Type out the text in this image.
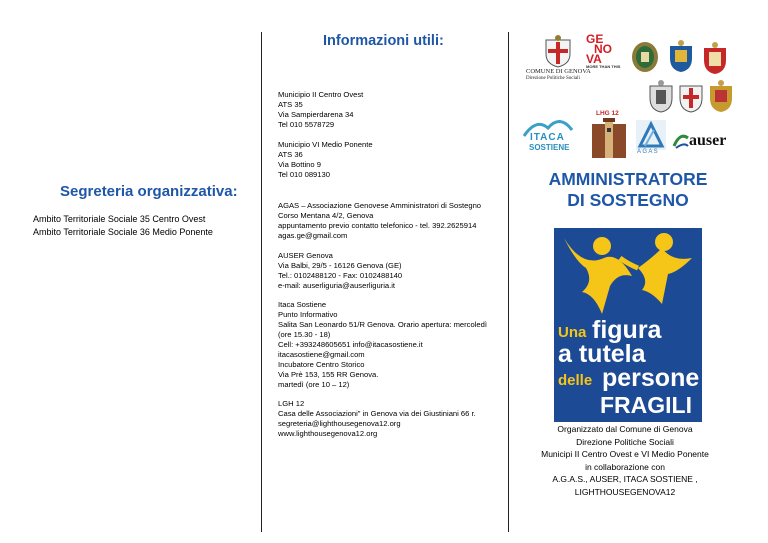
Segreteria organizzativa:
Ambito Territoriale Sociale 35 Centro Ovest
Ambito Territoriale Sociale 36 Medio Ponente
Informazioni utili:
Municipio II Centro Ovest
ATS 35
Via Sampierdarena 34
Tel 010 5578729
Municipio VI Medio Ponente
ATS 36
Via Bottino 9
Tel 010 089130
AGAS – Associazione Genovese Amministratori di Sostegno
Corso Mentana 4/2, Genova
appuntamento previo contatto telefonico - tel. 392.2625914
agas.ge@gmail.com
AUSER Genova
Via Balbi, 29/5 - 16126 Genova (GE)
Tel.: 0102488120 - Fax: 0102488140
e-mail: auserliguria@auserliguria.it
Itaca Sostiene
Punto Informativo
Salita San Leonardo 51/R Genova. Orario apertura: mercoledì
(ore 15.30 - 18)
Cell: +393248605651 info@itacasostiene.it
itacasostiene@gmail.com
Incubatore Centro Storico
Via Prè 153, 155 RR Genova.
martedì (ore 10 – 12)
LGH 12
Casa delle Associazioni" in Genova via dei Giustiniani 66 r.
segreteria@lighthousegenova12.org
www.lighthousegenova12.org
COMUNE DI GENOVA
Direzione Politiche Sociali
GE
NO
VA
MORE THAN THIS
ITACA
SOSTIENE
LHG 12
A G A S
auser
AMMINISTRATORE
DI SOSTEGNO
Una figura
a tutela
delle persone
FRAGILI
Organizzato dal Comune di Genova
Direzione Politiche Sociali
Municipi II Centro Ovest e VI Medio Ponente
in collaborazione con
A.G.A.S., AUSER, ITACA SOSTIENE ,
LIGHTHOUSEGENOVA12
